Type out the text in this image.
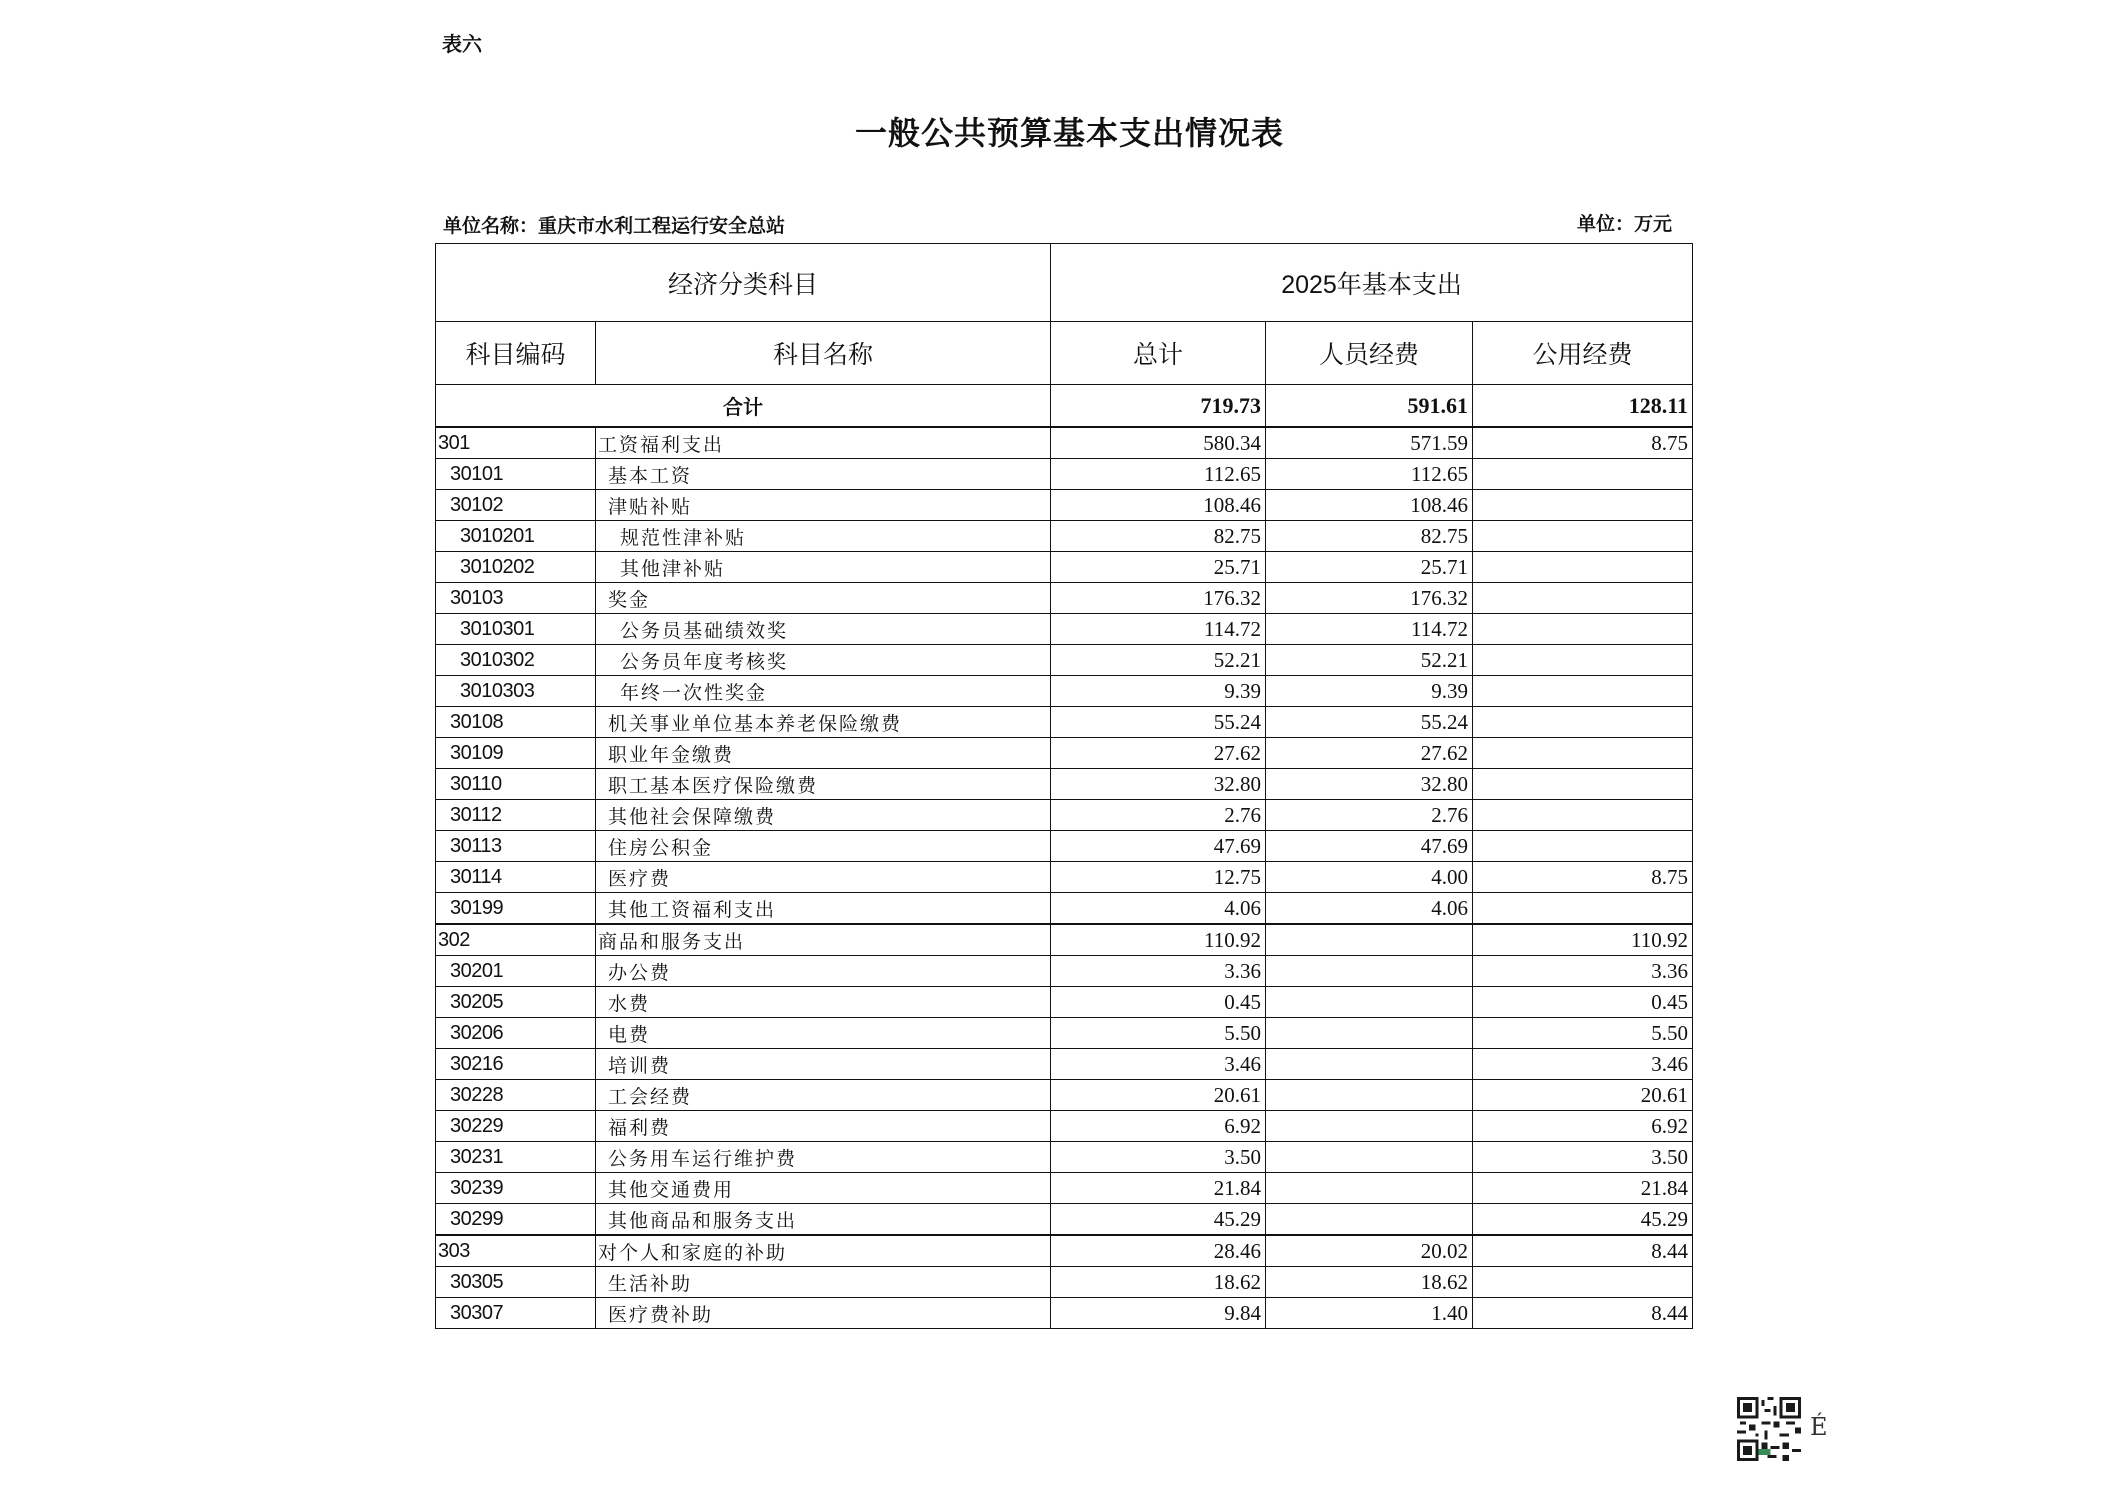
表六
一般公共预算基本支出情况表
单位名称：重庆市水利工程运行安全总站	单位：万元
经济分类科目		2025年基本支出		
科目编码	科目名称	总计	人员经费	公用经费
合计		719.73	591.61	128.11
301	工资福利支出	580.34	571.59	8.75
30101	基本工资	112.65	112.65	
30102	津贴补贴	108.46	108.46	
3010201	规范性津补贴	82.75	82.75	
3010202	其他津补贴	25.71	25.71	
30103	奖金	176.32	176.32	
3010301	公务员基础绩效奖	114.72	114.72	
3010302	公务员年度考核奖	52.21	52.21	
3010303	年终一次性奖金	9.39	9.39	
30108	机关事业单位基本养老保险缴费	55.24	55.24	
30109	职业年金缴费	27.62	27.62	
30110	职工基本医疗保险缴费	32.80	32.80	
30112	其他社会保障缴费	2.76	2.76	
30113	住房公积金	47.69	47.69	
30114	医疗费	12.75	4.00	8.75
30199	其他工资福利支出	4.06	4.06	
302	商品和服务支出	110.92		110.92
30201	办公费	3.36		3.36
30205	水费	0.45		0.45
30206	电费	5.50		5.50
30216	培训费	3.46		3.46
30228	工会经费	20.61		20.61
30229	福利费	6.92		6.92
30231	公务用车运行维护费	3.50		3.50
30239	其他交通费用	21.84		21.84
30299	其他商品和服务支出	45.29		45.29
303	对个人和家庭的补助	28.46	20.02	8.44
30305	生活补助	18.62	18.62	
30307	医疗费补助	9.84	1.40	8.44
É
